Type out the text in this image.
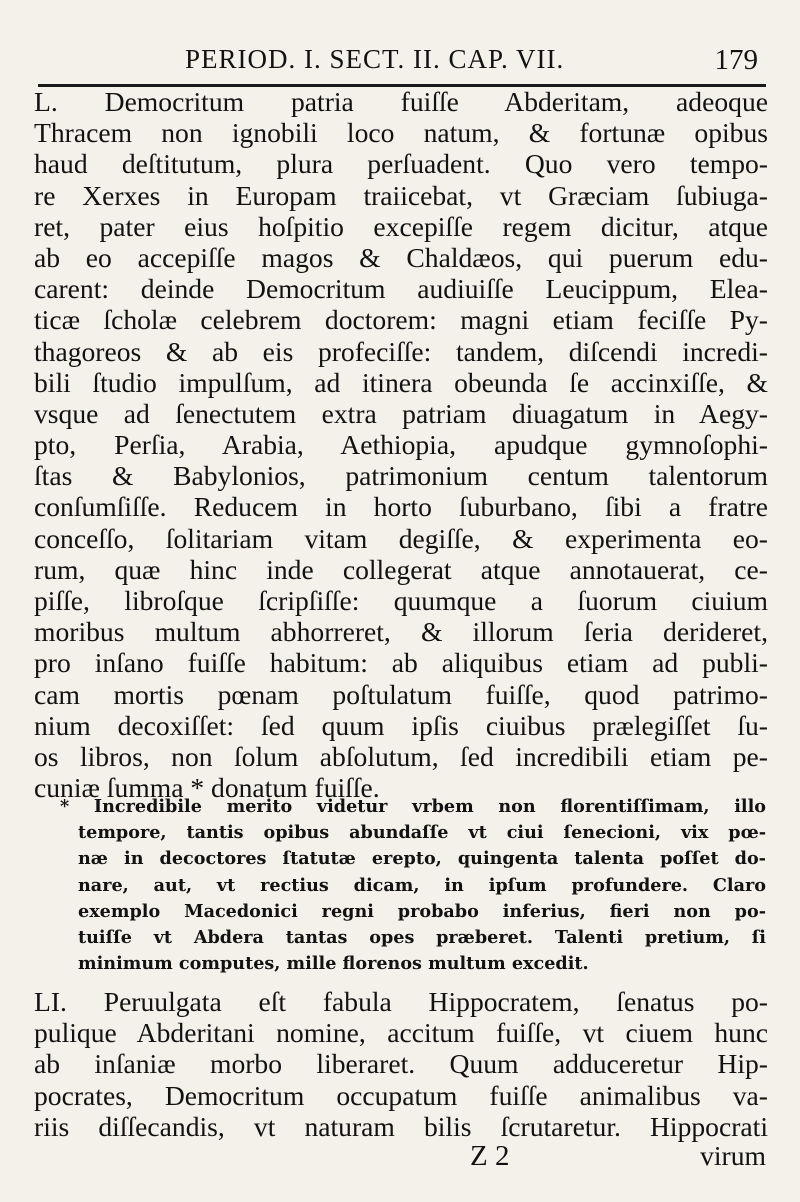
PERIOD. I. SECT. II. CAP. VII.	179
L. Democritum patria fuiſſe Abderitam, adeoque
Thracem non ignobili loco natum, & fortunæ opibus
haud deſtitutum, plura perſuadent. Quo vero tempo-
re Xerxes in Europam traiicebat, vt Græciam ſubiuga-
ret, pater eius hoſpitio excepiſſe regem dicitur, atque
ab eo accepiſſe magos & Chaldæos, qui puerum edu-
carent: deinde Democritum audiuiſſe Leucippum, Elea-
ticæ ſcholæ celebrem doctorem: magni etiam feciſſe Py-
thagoreos & ab eis profeciſſe: tandem, diſcendi incredi-
bili ſtudio impulſum, ad itinera obeunda ſe accinxiſſe, &
vsque ad ſenectutem extra patriam diuagatum in Aegy-
pto, Perſia, Arabia, Aethiopia, apudque gymnoſophi-
ſtas & Babylonios, patrimonium centum talentorum
conſumſiſſe. Reducem in horto ſuburbano, ſibi a fratre
conceſſo, ſolitariam vitam degiſſe, & experimenta eo-
rum, quæ hinc inde collegerat atque annotauerat, ce-
piſſe, libroſque ſcripſiſſe: quumque a ſuorum ciuium
moribus multum abhorreret, & illorum ſeria derideret,
pro inſano fuiſſe habitum: ab aliquibus etiam ad publi-
cam mortis pœnam poſtulatum fuiſſe, quod patrimo-
nium decoxiſſet: ſed quum ipſis ciuibus prælegiſſet ſu-
os libros, non ſolum abſolutum, ſed incredibili etiam pe-
cuniæ ſumma * donatum fuiſſe.
* Incredibile merito videtur vrbem non florentiſſimam, illo
tempore, tantis opibus abundaſſe vt ciui ſenecioni, vix pœ-
næ in decoctores ſtatutæ erepto, quingenta talenta poſſet do-
nare, aut, vt rectius dicam, in ipſum profundere. Claro
exemplo Macedonici regni probabo inferius, fieri non po-
tuiſſe vt Abdera tantas opes præberet. Talenti pretium, ſi
minimum computes, mille florenos multum excedit.
LI. Peruulgata eſt fabula Hippocratem, ſenatus po-
pulique Abderitani nomine, accitum fuiſſe, vt ciuem hunc
ab inſaniæ morbo liberaret. Quum adduceretur Hip-
pocrates, Democritum occupatum fuiſſe animalibus va-
riis diſſecandis, vt naturam bilis ſcrutaretur. Hippocrati
Z 2	virum
